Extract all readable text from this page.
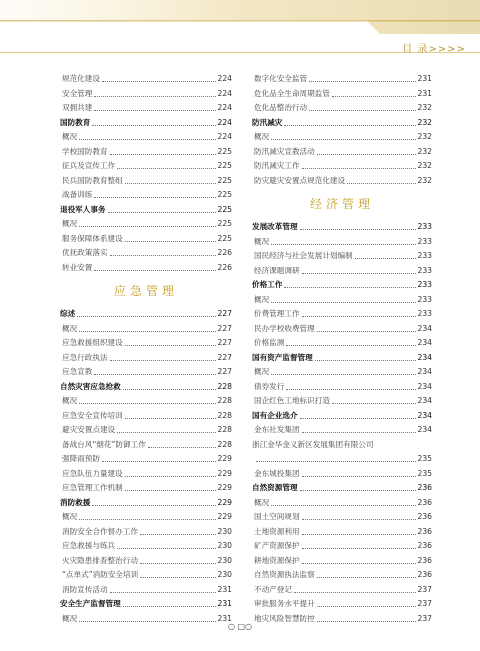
目 录>>>>
规范化建设	224
安全管理	224
双拥共建	224
国防教育	224
概况	224
学校国防教育	225
征兵及宣传工作	225
民兵国防教育整组	225
战备训练	225
退役军人事务	225
概况	225
服务保障体系建设	225
优抚政策落实	226
转业安置	226
应急管理
综述	227
概况	227
应急救援组织建设	227
应急行政执法	227
应急宣教	227
自然灾害应急抢救	228
概况	228
应急安全宣传培训	228
避灾安置点建设	228
备战台风“烟花”防御工作	228
强降雨预防	229
应急队伍力量建设	229
应急管理工作机制	229
消防救援	229
概况	229
消防安全合作督办工作	230
应急救援与练兵	230
火灾隐患排查整治行动	230
“点单式”消防安全培训	230
消防宣传活动	231
安全生产监督管理	231
概况	231
数字化安全监管	231
危化品全生命周期监管	231
危化品整治行动	232
防汛减灾	232
概况	232
防汛减灾宣教活动	232
防汛减灾工作	232
防灾避灾安置点规范化建设	232
经济管理
发展改革管理	233
概况	233
国民经济与社会发展计划编制	233
经济课题调研	233
价格工作	233
概况	233
价费管理工作	233
民办学校收费管理	234
价格监测	234
国有资产监督管理	234
概况	234
债券发行	234
国企红色工地标识打造	234
国有企业选介	234
金东社发集团	234
浙江金华金义新区发展集团有限公司
235
金东城投集团	235
自然资源管理	236
概况	236
国土空间规划	236
土地资源利用	236
矿产资源保护	236
耕地资源保护	236
自然资源执法监察	236
不动产登记	237
审批服务水平提升	237
地灾风险智慧防控	237
○ □○
